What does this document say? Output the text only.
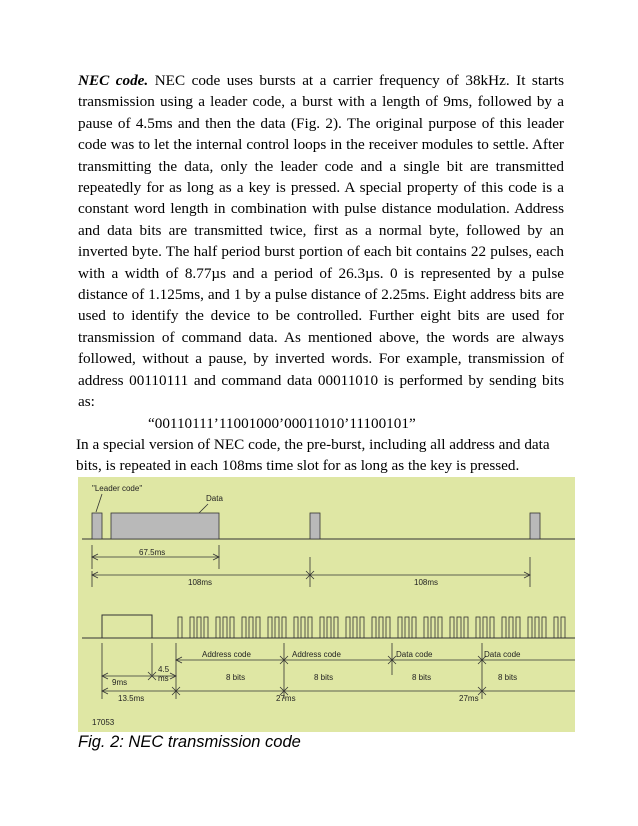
NEC code. NEC code uses bursts at a carrier frequency of 38kHz. It starts transmission using a leader code, a burst with a length of 9ms, followed by a pause of 4.5ms and then the data (Fig. 2). The original purpose of this leader code was to let the internal control loops in the receiver modules to settle. After transmitting the data, only the leader code and a single bit are transmitted repeatedly for as long as a key is pressed. A special property of this code is a constant word length in combination with pulse distance modulation. Address and data bits are transmitted twice, first as a normal byte, followed by an inverted byte. The half period burst portion of each bit contains 22 pulses, each with a width of 8.77µs and a period of 26.3µs. 0 is represented by a pulse distance of 1.125ms, and 1 by a pulse distance of 2.25ms. Eight address bits are used to identify the device to be controlled. Further eight bits are used for transmission of command data. As mentioned above, the words are always followed, without a pause, by inverted words. For example, transmission of address 00110111 and command data 00011010 is performed by sending bits as:

“00110111’11001000’00011010’11100101”

In a special version of NEC code, the pre-burst, including all address and data bits, is repeated in each 108ms time slot for as long as the key is pressed.

"Leader code"
Data
67.5ms
108ms	108ms
Address code	Address code	Data code	Data code
9ms
4.5
ms	8 bits	8 bits	8 bits	8 bits
13.5ms	27ms	27ms
17053
Fig. 2: NEC transmission code
